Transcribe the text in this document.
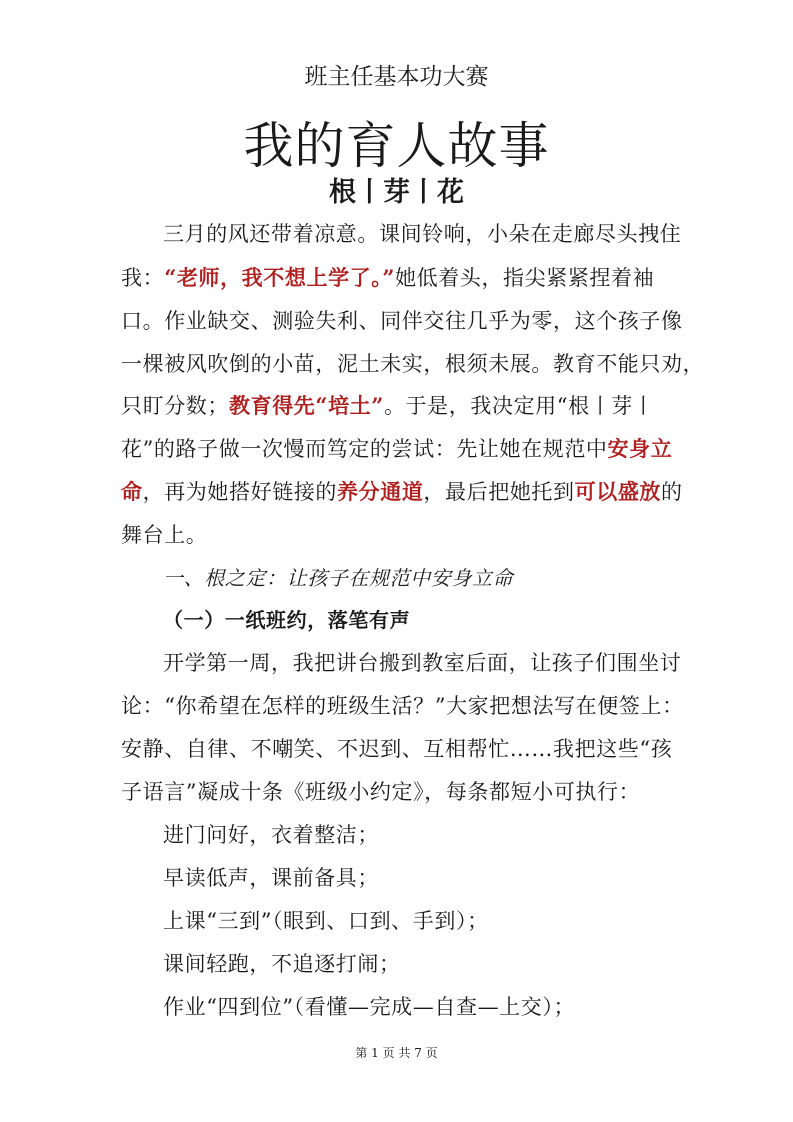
班主任基本功大赛
我的育人故事
根丨芽丨花
三月的风还带着凉意。课间铃响，小朵在走廊尽头拽住
我：“老师，我不想上学了。”她低着头，指尖紧紧捏着袖
口。作业缺交、测验失利、同伴交往几乎为零，这个孩子像
一棵被风吹倒的小苗，泥土未实，根须未展。教育不能只劝，
只盯分数；教育得先“培土”。于是，我决定用“根丨芽丨
花”的路子做一次慢而笃定的尝试：先让她在规范中安身立
命，再为她搭好链接的养分通道，最后把她托到可以盛放的
舞台上。
一、根之定：让孩子在规范中安身立命
（一）一纸班约，落笔有声
开学第一周，我把讲台搬到教室后面，让孩子们围坐讨
论：“你希望在怎样的班级生活？”大家把想法写在便签上：
安静、自律、不嘲笑、不迟到、互相帮忙……我把这些“孩
子语言”凝成十条《班级小约定》，每条都短小可执行：
进门问好，衣着整洁；
早读低声，课前备具；
上课“三到”（眼到、口到、手到）；
课间轻跑，不追逐打闹；
作业“四到位”（看懂—完成—自查—上交）；
第 1 页 共 7 页
